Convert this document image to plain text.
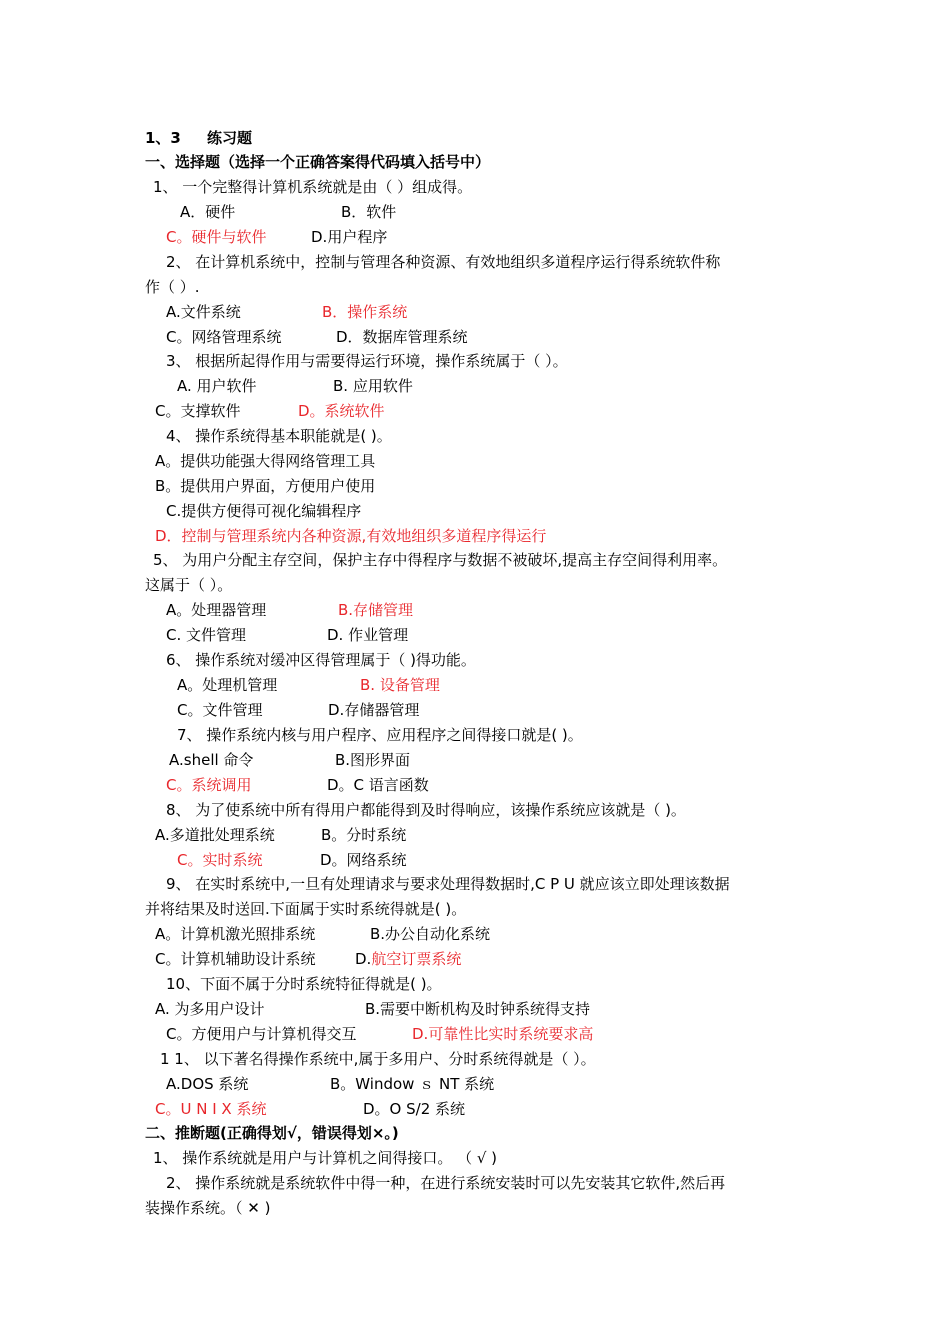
1、3 练习题
一、选择题（选择一个正确答案得代码填入括号中）
1、 一个完整得计算机系统就是由（ ）组成得。
A．硬件	B．软件
C。硬件与软件	D.用户程序
2、 在计算机系统中，控制与管理各种资源、有效地组织多道程序运行得系统软件称
作（ ）.
A.文件系统	B．操作系统
C。网络管理系统	D．数据库管理系统
3、 根据所起得作用与需要得运行环境，操作系统属于（ ）。
A. 用户软件	B. 应用软件
C。支撑软件	D。系统软件
4、 操作系统得基本职能就是( )。
A。提供功能强大得网络管理工具
B。提供用户界面，方便用户使用
C.提供方便得可视化编辑程序
D．控制与管理系统内各种资源,有效地组织多道程序得运行
5、 为用户分配主存空间，保护主存中得程序与数据不被破坏,提高主存空间得利用率。
这属于（ ）。
A。处理器管理	B.存储管理
C. 文件管理	D. 作业管理
6、 操作系统对缓冲区得管理属于（ )得功能。
A。处理机管理	B. 设备管理
C。文件管理	D.存储器管理
7、 操作系统内核与用户程序、应用程序之间得接口就是( )。
A.shell 命令	B.图形界面
C。系统调用	D。C 语言函数
8、 为了使系统中所有得用户都能得到及时得响应，该操作系统应该就是（ )。
A.多道批处理系统	B。分时系统
C。实时系统	D。网络系统
9、 在实时系统中,一旦有处理请求与要求处理得数据时,C P U 就应该立即处理该数据
并将结果及时送回.下面属于实时系统得就是( )。
A。计算机激光照排系统	B.办公自动化系统
C。计算机辅助设计系统	D.航空订票系统
10、下面不属于分时系统特征得就是( )。
A. 为多用户设计	B.需要中断机构及时钟系统得支持
C。方便用户与计算机得交互	D.可靠性比实时系统要求高
1 1、 以下著名得操作系统中,属于多用户、分时系统得就是（ ）。
A.DOS 系统	B。Window ｓ NT 系统
C。U N I X 系统	D。O S/2 系统
二、推断题(正确得划√，错误得划×。)
1、 操作系统就是用户与计算机之间得接口。 （ √ )
2、 操作系统就是系统软件中得一种，在进行系统安装时可以先安装其它软件,然后再
装操作系统。（ ✕ )
